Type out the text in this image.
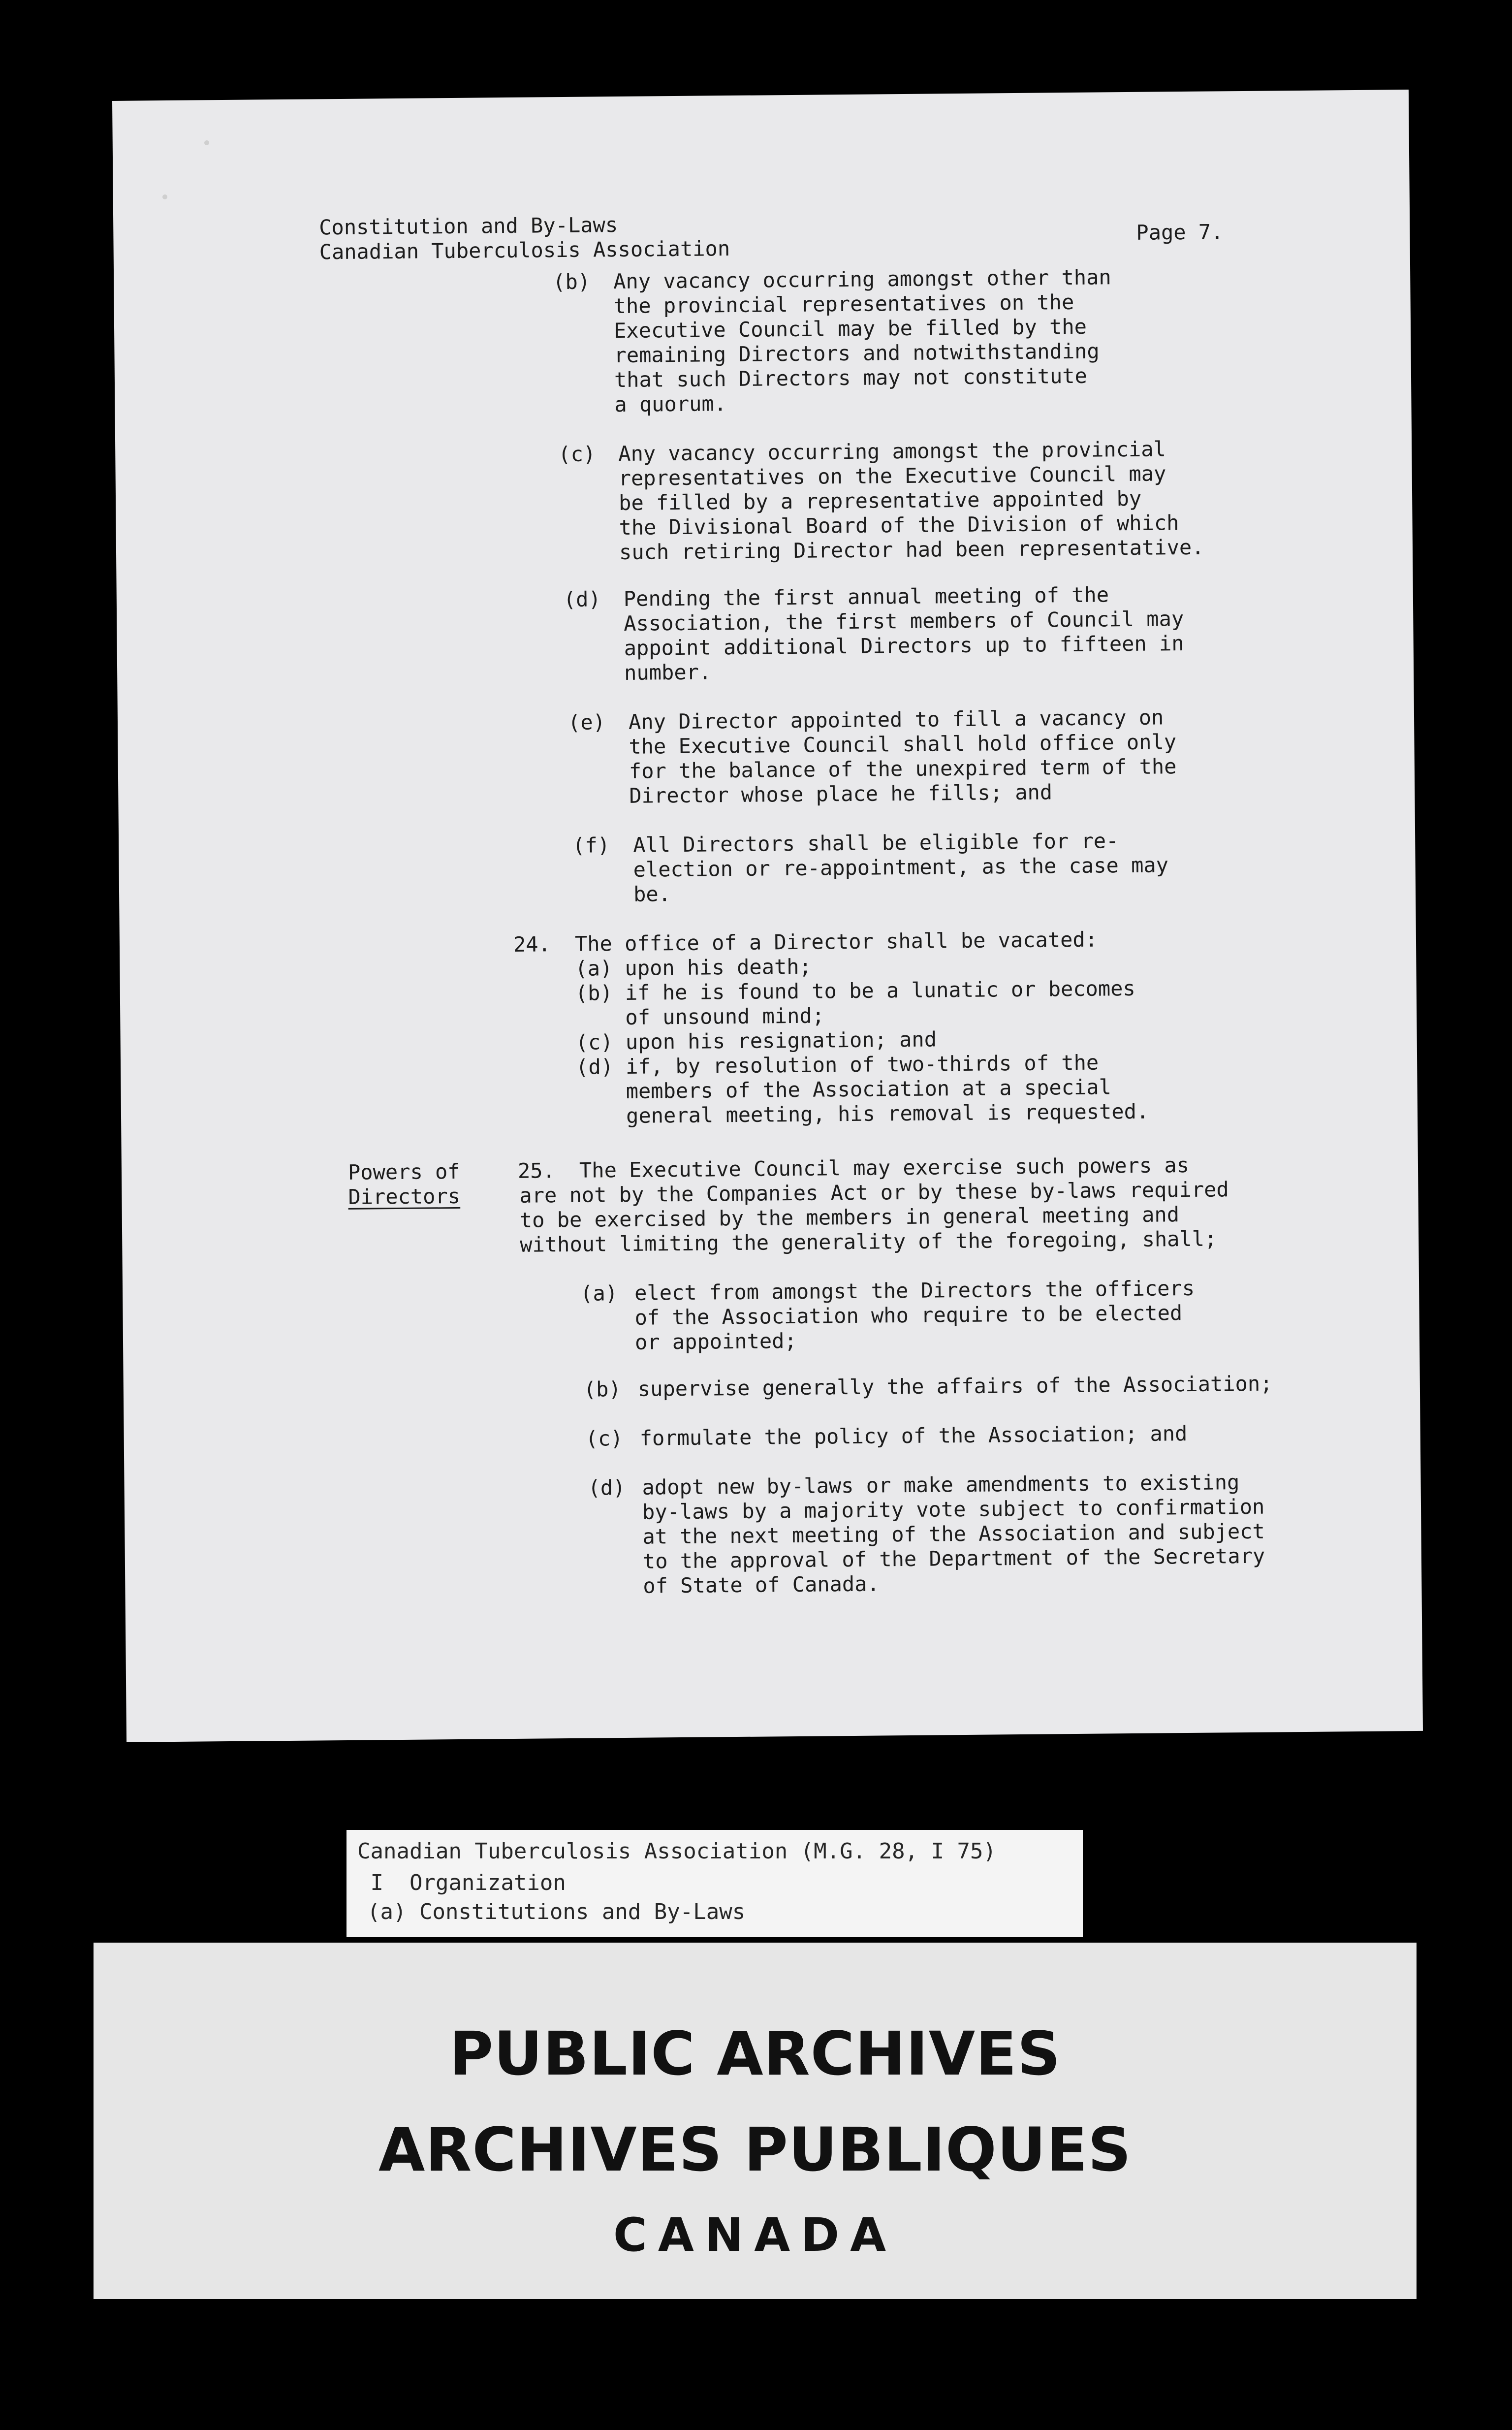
Constitution and By-Laws
Canadian Tuberculosis Association
Page 7.
(b) Any vacancy occurring amongst other than
the provincial representatives on the
Executive Council may be filled by the
remaining Directors and notwithstanding
that such Directors may not constitute
a quorum.
(c) Any vacancy occurring amongst the provincial
representatives on the Executive Council may
be filled by a representative appointed by
the Divisional Board of the Division of which
such retiring Director had been representative.
(d) Pending the first annual meeting of the
Association, the first members of Council may
appoint additional Directors up to fifteen in
number.
(e) Any Director appointed to fill a vacancy on
the Executive Council shall hold office only
for the balance of the unexpired term of the
Director whose place he fills; and
(f) All Directors shall be eligible for re-
election or re-appointment, as the case may
be.
24. The office of a Director shall be vacated:
(a) upon his death;
(b) if he is found to be a lunatic or becomes
of unsound mind;
(c) upon his resignation; and
(d) if, by resolution of two-thirds of the
members of the Association at a special
general meeting, his removal is requested.
Powers of
Directors
25. The Executive Council may exercise such powers as
are not by the Companies Act or by these by-laws required
to be exercised by the members in general meeting and
without limiting the generality of the foregoing, shall;
(a) elect from amongst the Directors the officers
of the Association who require to be elected
or appointed;
(b) supervise generally the affairs of the Association;
(c) formulate the policy of the Association; and
(d) adopt new by-laws or make amendments to existing
by-laws by a majority vote subject to confirmation
at the next meeting of the Association and subject
to the approval of the Department of the Secretary
of State of Canada.
Canadian Tuberculosis Association (M.G. 28, I 75)
I  Organization
(a) Constitutions and By-Laws
PUBLIC ARCHIVES
ARCHIVES PUBLIQUES
CANADA
